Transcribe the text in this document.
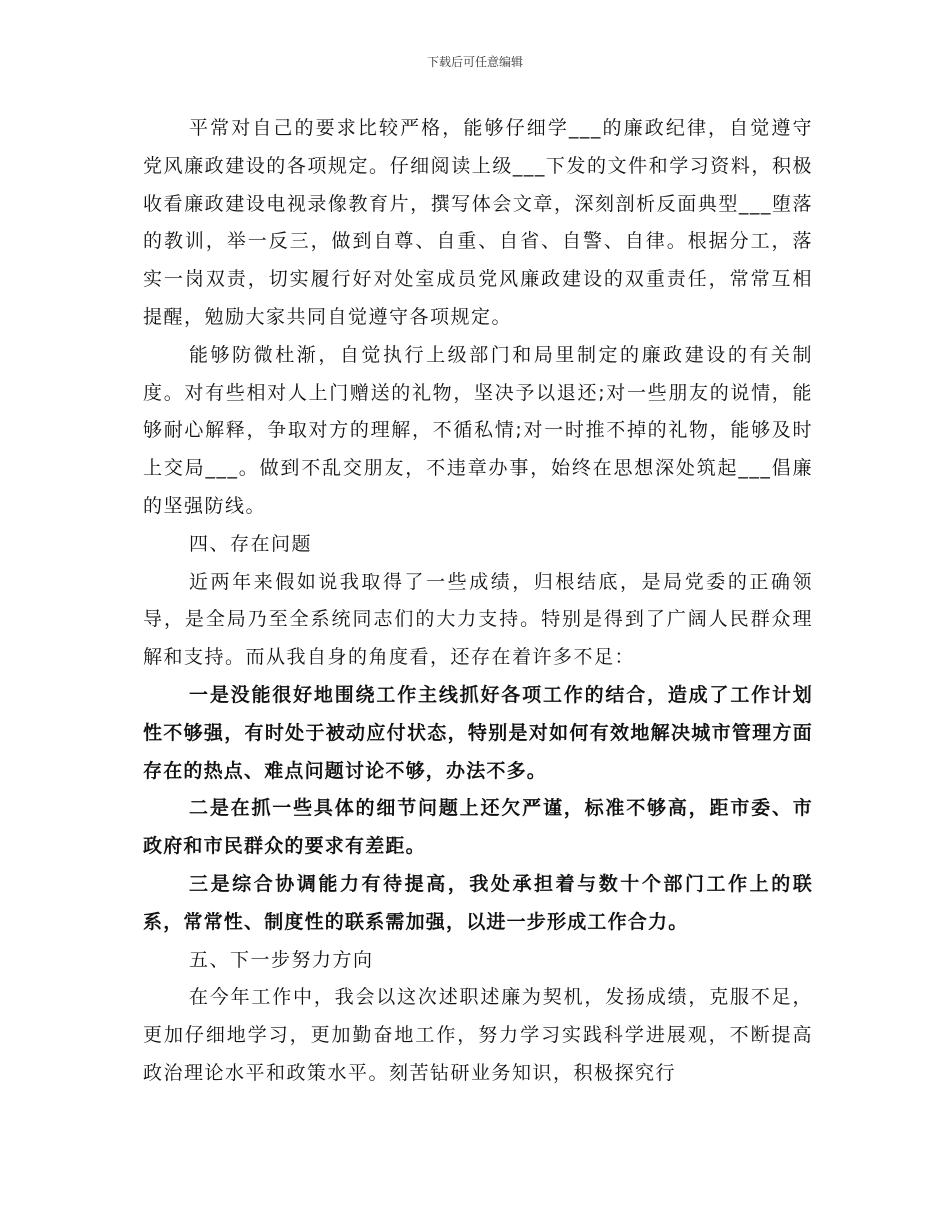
下载后可任意编辑

平常对自己的要求比较严格，能够仔细学___的廉政纪律，自觉遵守党风廉政建设的各项规定。仔细阅读上级___下发的文件和学习资料，积极收看廉政建设电视录像教育片，撰写体会文章，深刻剖析反面典型___堕落的教训，举一反三，做到自尊、自重、自省、自警、自律。根据分工，落实一岗双责，切实履行好对处室成员党风廉政建设的双重责任，常常互相提醒，勉励大家共同自觉遵守各项规定。

能够防微杜渐，自觉执行上级部门和局里制定的廉政建设的有关制度。对有些相对人上门赠送的礼物，坚决予以退还;对一些朋友的说情，能够耐心解释，争取对方的理解，不循私情;对一时推不掉的礼物，能够及时上交局___。做到不乱交朋友，不违章办事，始终在思想深处筑起___倡廉的坚强防线。

四、存在问题

近两年来假如说我取得了一些成绩，归根结底，是局党委的正确领导，是全局乃至全系统同志们的大力支持。特别是得到了广阔人民群众理解和支持。而从我自身的角度看，还存在着许多不足：

一是没能很好地围绕工作主线抓好各项工作的结合，造成了工作计划性不够强，有时处于被动应付状态，特别是对如何有效地解决城市管理方面存在的热点、难点问题讨论不够，办法不多。

二是在抓一些具体的细节问题上还欠严谨，标准不够高，距市委、市政府和市民群众的要求有差距。

三是综合协调能力有待提高，我处承担着与数十个部门工作上的联系，常常性、制度性的联系需加强，以进一步形成工作合力。

五、下一步努力方向

在今年工作中，我会以这次述职述廉为契机，发扬成绩，克服不足，更加仔细地学习，更加勤奋地工作，努力学习实践科学进展观，不断提高政治理论水平和政策水平。刻苦钻研业务知识，积极探究行
